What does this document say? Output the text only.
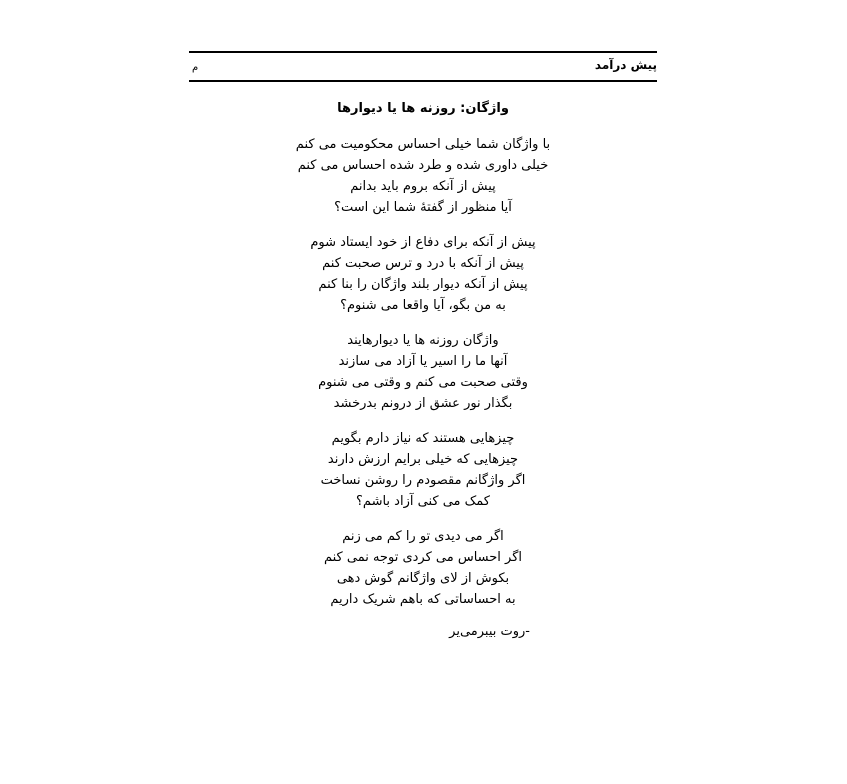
پیش درآمد
م
واژگان: روزنه ها یا دیوارها
با واژگان شما خیلی احساس محکومیت می کنم
خیلی داوری شده و طرد شده احساس می کنم
پیش از آنکه بروم باید بدانم
آیا منظور از گفتهٔ شما این است؟
پیش از آنکه برای دفاع از خود ایستاد شوم
پیش از آنکه با درد و ترس صحبت کنم
پیش از آنکه دیوار بلند واژگان را بنا کنم
به من بگو، آیا واقعا می شنوم؟
واژگان روزنه ها یا دیوارهایند
آنها ما را اسیر یا آزاد می سازند
وقتی صحبت می کنم و وقتی می شنوم
بگذار نور عشق از درونم بدرخشد
چیزهایی هستند که نیاز دارم بگویم
چیزهایی که خیلی برایم ارزش دارند
اگر واژگانم مقصودم را روشن نساخت
کمک می کنی آزاد باشم؟
اگر می دیدی تو را کم می زنم
اگر احساس می کردی توجه نمی کنم
بکوش از لای واژگانم گوش دهی
به احساساتی که باهم شریک داریم
-روت بیبرمی‌یر
